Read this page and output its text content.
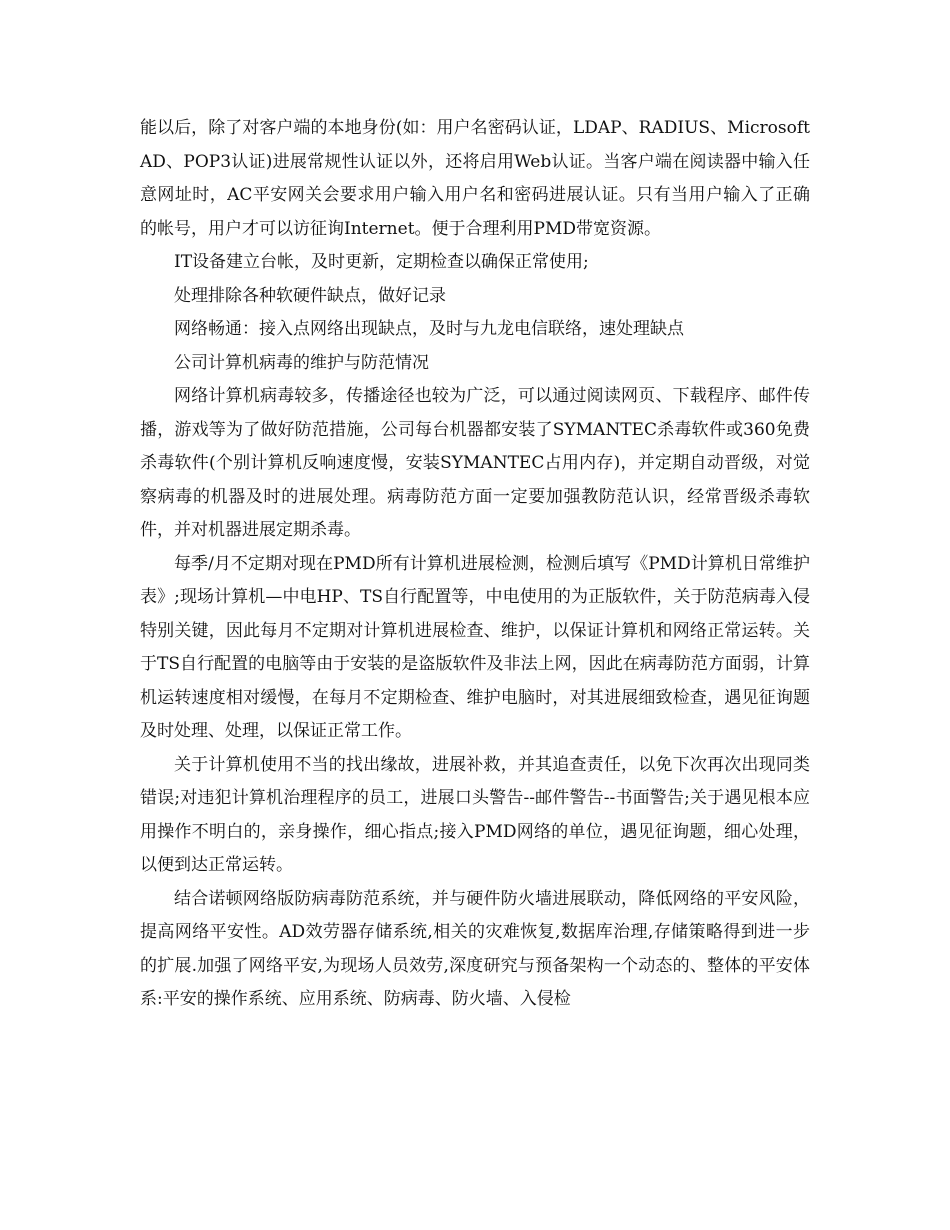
能以后，除了对客户端的本地身份(如：用户名密码认证，LDAP、RADIUS、MicrosoftAD、POP3认证)进展常规性认证以外，还将启用Web认证。当客户端在阅读器中输入任意网址时，AC平安网关会要求用户输入用户名和密码进展认证。只有当用户输入了正确的帐号，用户才可以访征询Internet。便于合理利用PMD带宽资源。

IT设备建立台帐，及时更新，定期检查以确保正常使用;

处理排除各种软硬件缺点，做好记录

网络畅通：接入点网络出现缺点，及时与九龙电信联络，速处理缺点

公司计算机病毒的维护与防范情况

网络计算机病毒较多，传播途径也较为广泛，可以通过阅读网页、下载程序、邮件传播，游戏等为了做好防范措施，公司每台机器都安装了SYMANTEC杀毒软件或360免费杀毒软件(个别计算机反响速度慢，安装SYMANTEC占用内存)，并定期自动晋级，对觉察病毒的机器及时的进展处理。病毒防范方面一定要加强教防范认识，经常晋级杀毒软件，并对机器进展定期杀毒。

每季/月不定期对现在PMD所有计算机进展检测，检测后填写《PMD计算机日常维护表》;现场计算机—中电HP、TS自行配置等，中电使用的为正版软件，关于防范病毒入侵特别关键，因此每月不定期对计算机进展检查、维护，以保证计算机和网络正常运转。关于TS自行配置的电脑等由于安装的是盗版软件及非法上网，因此在病毒防范方面弱，计算机运转速度相对缓慢，在每月不定期检查、维护电脑时，对其进展细致检查，遇见征询题及时处理、处理，以保证正常工作。

关于计算机使用不当的找出缘故，进展补救，并其追查责任，以免下次再次出现同类错误;对违犯计算机治理程序的员工，进展口头警告--邮件警告--书面警告;关于遇见根本应用操作不明白的，亲身操作，细心指点;接入PMD网络的单位，遇见征询题，细心处理，以便到达正常运转。

结合诺顿网络版防病毒防范系统，并与硬件防火墙进展联动，降低网络的平安风险，提高网络平安性。AD效劳器存储系统,相关的灾难恢复,数据库治理,存储策略得到进一步的扩展.加强了网络平安,为现场人员效劳,深度研究与预备架构一个动态的、整体的平安体系:平安的操作系统、应用系统、防病毒、防火墙、入侵检
